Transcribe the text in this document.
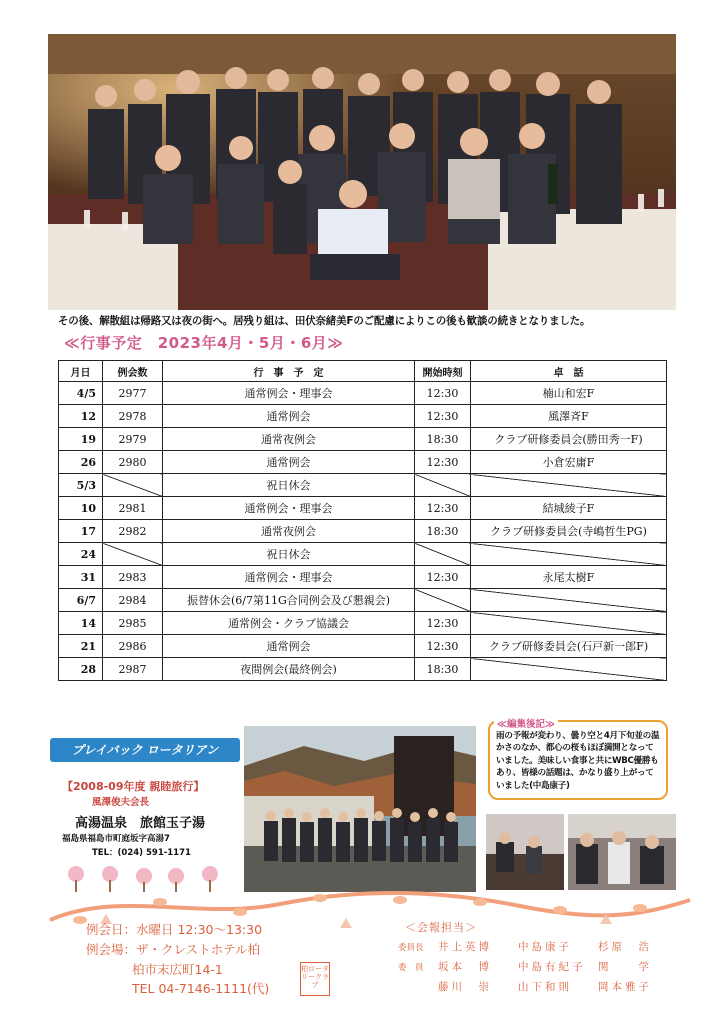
その後、解散組は帰路又は夜の街へ。居残り組は、田伏奈緒美Fのご配慮によりこの後も歓談の続きとなりました。
≪行事予定　2023年4月・5月・6月≫
月日	例会数	行　事　予　定	開始時刻	卓　話
4/5	2977	通常例会・理事会	12:30	楠山和宏F
12	2978	通常例会	12:30	風澤斉F
19	2979	通常夜例会	18:30	クラブ研修委員会(勝田秀一F)
26	2980	通常例会	12:30	小倉宏庸F
5/3		祝日休会		
10	2981	通常例会・理事会	12:30	結城綾子F
17	2982	通常夜例会	18:30	クラブ研修委員会(寺嶋哲生PG)
24		祝日休会		
31	2983	通常例会・理事会	12:30	永尾太樹F
6/7	2984	振替休会(6/7第11G合同例会及び懇親会)		
14	2985	通常例会・クラブ協議会	12:30	
21	2986	通常例会	12:30	クラブ研修委員会(石戸新一郎F)
28	2987	夜間例会(最終例会)	18:30	
プレイバック ロータリアン
【2008-09年度 親睦旅行】
風澤俊夫会長
高湯温泉　旅館玉子湯
福島県福島市町庭坂字高湯7
TEL：(024) 591-1171
≪編集後記≫
雨の予報が変わり、曇り空と4月下旬並の温かさのなか、都心の桜もほぼ満開となっていました。美味しい食事と共にWBC優勝もあり、皆様の話題は、かなり盛り上がっていました(中島康子)
例会日：水曜日 12:30～13:30
例会場：ザ・クレストホテル柏
柏市末広町14-1
TEL 04-7146-1111(代)
柏ロータリークラブ
＜会報担当＞
委員長 井上英博 中島康子 杉原　浩
委　員 坂本　博 中島有紀子 関　　学
藤川　崇 山下和則 岡本雅子
